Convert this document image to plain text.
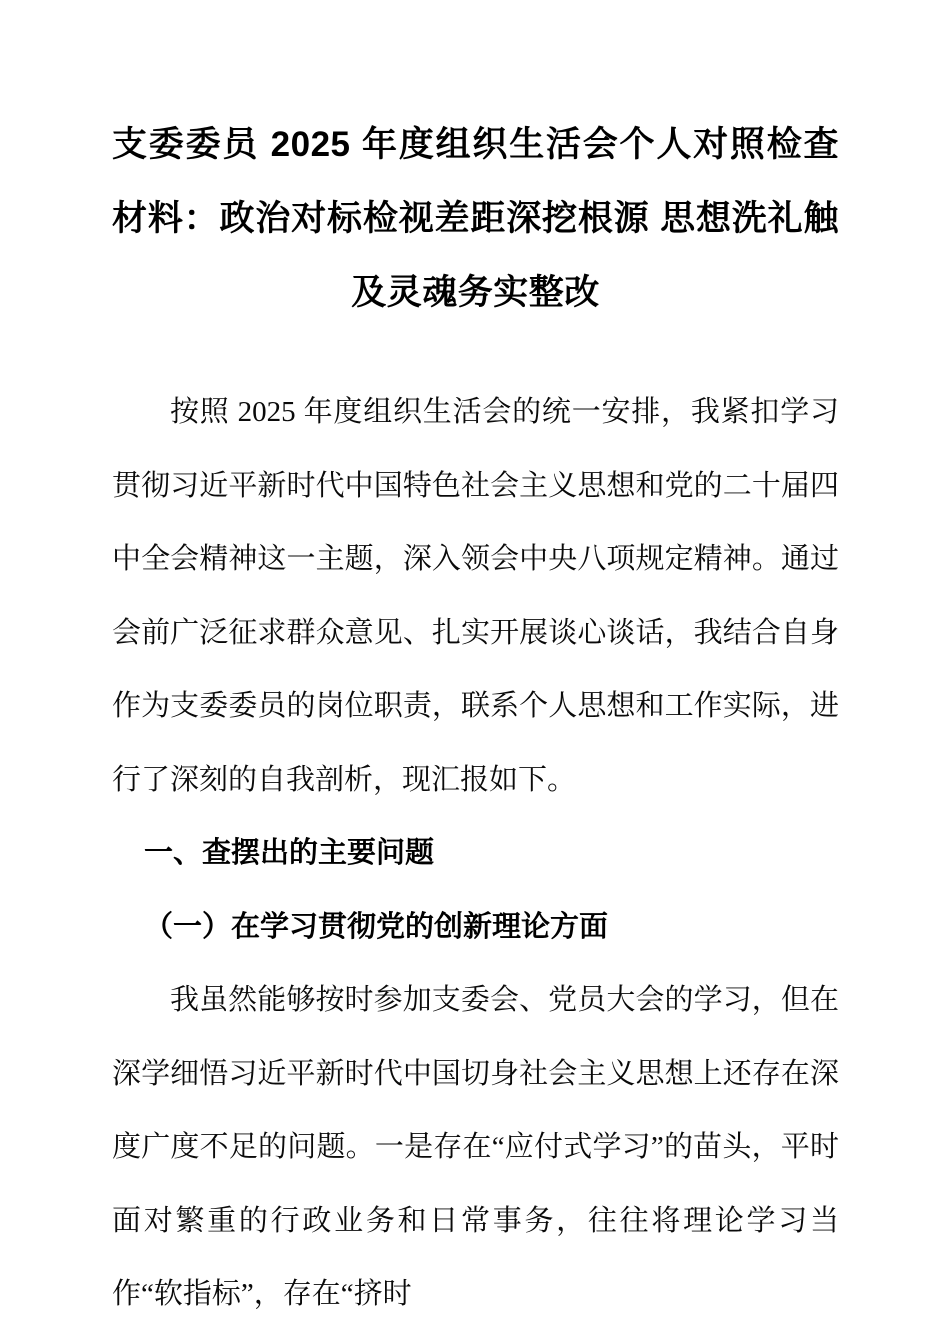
支委委员 2025 年度组织生活会个人对照检查材料：政治对标检视差距深挖根源 思想洗礼触及灵魂务实整改

按照 2025 年度组织生活会的统一安排，我紧扣学习贯彻习近平新时代中国特色社会主义思想和党的二十届四中全会精神这一主题，深入领会中央八项规定精神。通过会前广泛征求群众意见、扎实开展谈心谈话，我结合自身作为支委委员的岗位职责，联系个人思想和工作实际，进行了深刻的自我剖析，现汇报如下。

一、查摆出的主要问题
（一）在学习贯彻党的创新理论方面

我虽然能够按时参加支委会、党员大会的学习，但在深学细悟习近平新时代中国切身社会主义思想上还存在深度广度不足的问题。一是存在“应付式学习”的苗头，平时面对繁重的行政业务和日常事务，往往将理论学习当作“软指标”，存在“挤时
